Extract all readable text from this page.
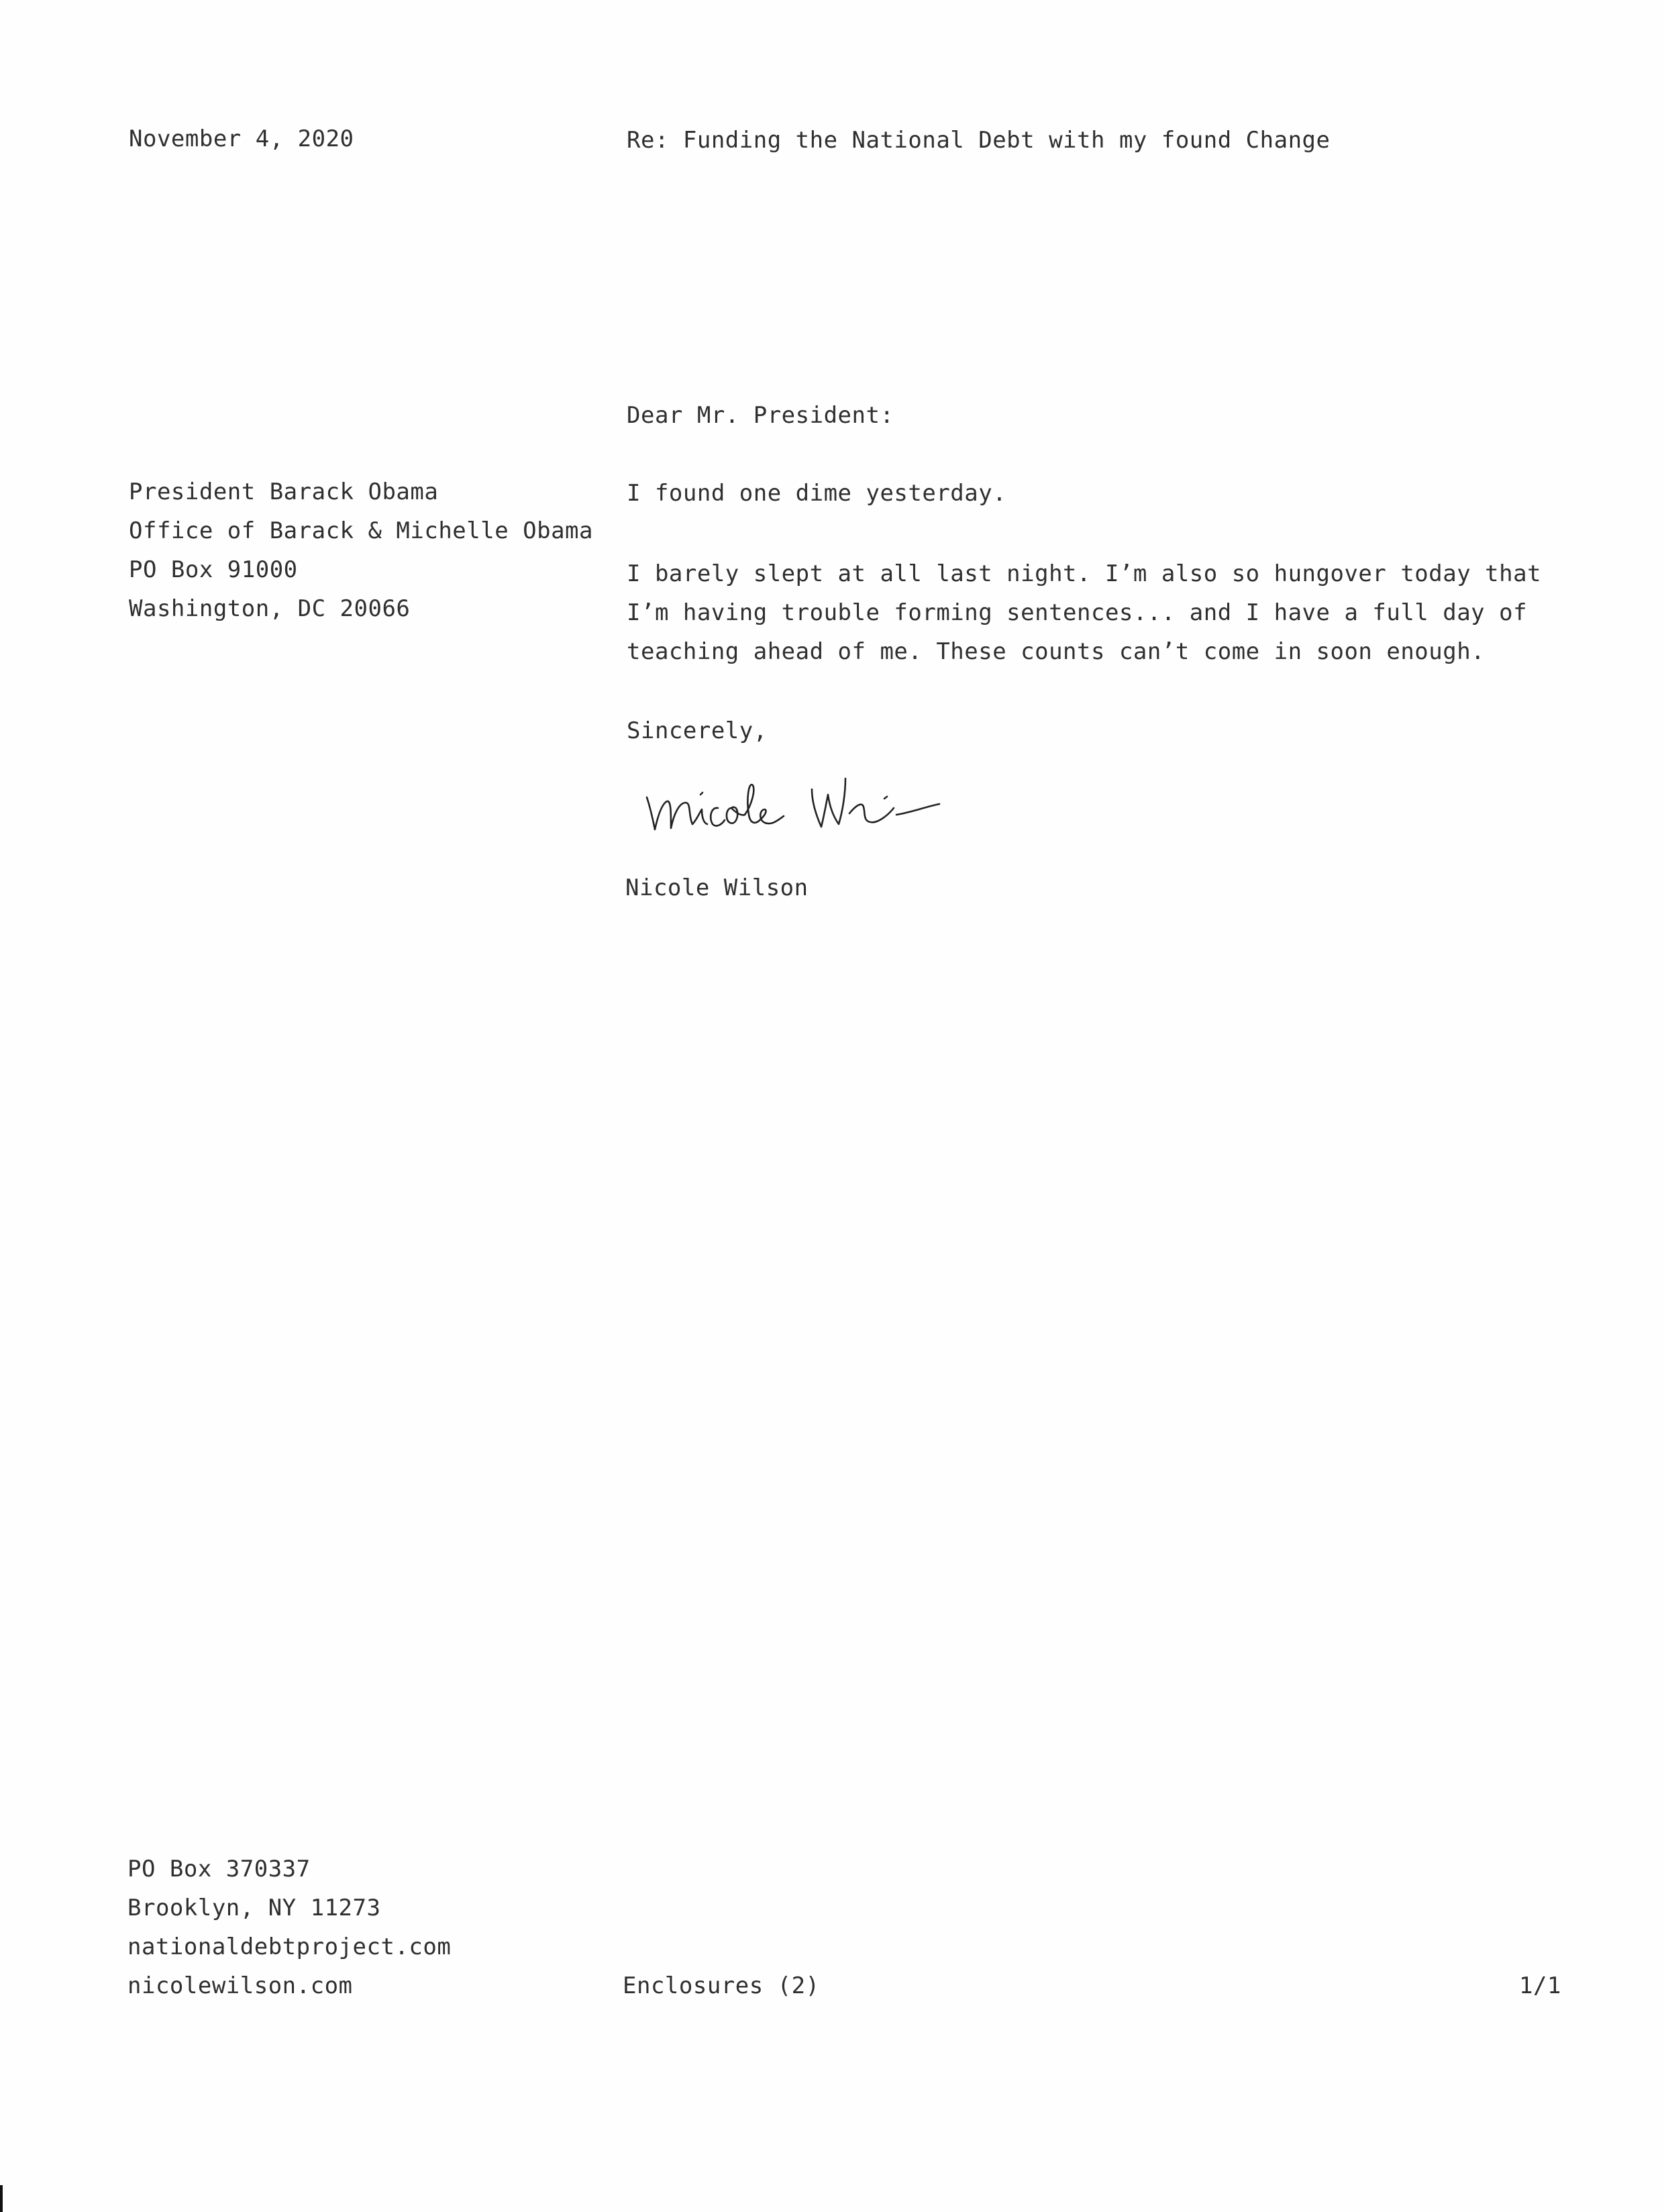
November 4, 2020	Re: Funding the National Debt with my found Change
Dear Mr. President:
President Barack Obama
Office of Barack & Michelle Obama
PO Box 91000
Washington, DC 20066
I found one dime yesterday.
I barely slept at all last night. I’m also so hungover today that
I’m having trouble forming sentences... and I have a full day of
teaching ahead of me. These counts can’t come in soon enough.
Sincerely,
Nicole Wilson
PO Box 370337
Brooklyn, NY 11273
nationaldebtproject.com
nicolewilson.com	Enclosures (2)	1/1
